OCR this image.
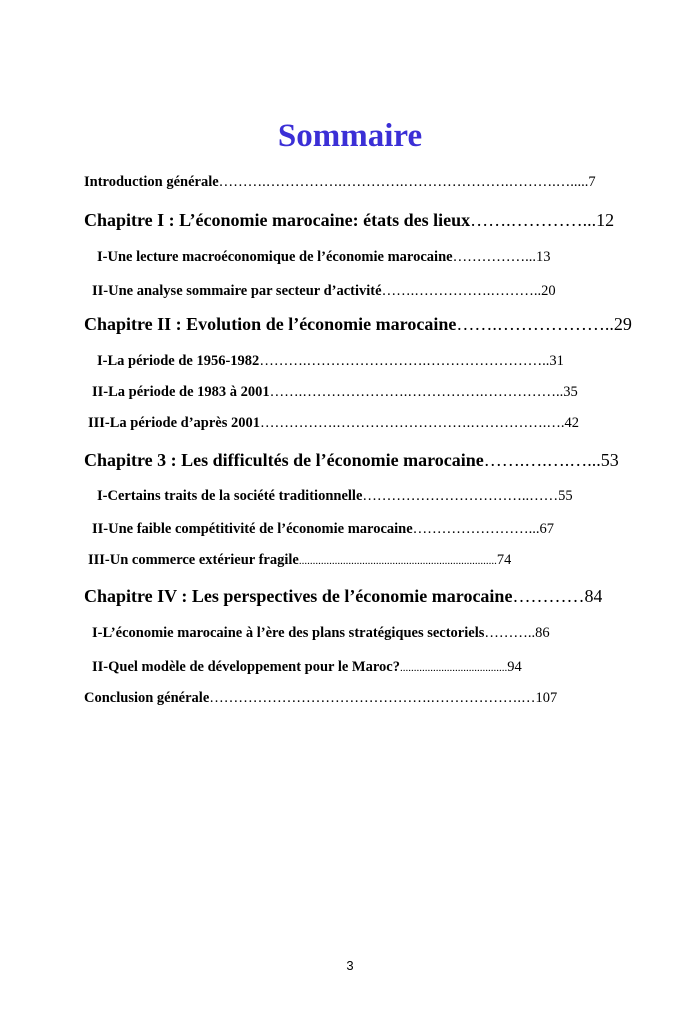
Sommaire
Introduction générale……….…………….………….………………….……….….....7
Chapitre I : L’économie marocaine: états des lieux…….…………...12
I-Une lecture macroéconomique de l’économie marocaine……………...13
II-Une analyse sommaire par secteur d’activité…….…………….………..20
Chapitre II : Evolution de l’économie marocaine…….………………..29
I-La période de 1956-1982……….…………………….……………………..31
II-La période de 1983 à 2001…….………………….…………….……………..35
III-La période d’après 2001…………….……………………….…………….….42
Chapitre 3 : Les difficultés de l’économie marocaine…….….….…...53
I-Certains traits de la société traditionnelle……………………………..……55
II-Une faible compétitivité de l’économie marocaine……………………...67
III-Un commerce extérieur fragile........................................................................74
Chapitre IV : Les perspectives de l’économie marocaine…………84
I-L’économie marocaine à l’ère des plans stratégiques sectoriels………..86
II-Quel modèle de développement pour le Maroc?.......................................94
Conclusion générale……………………………………….……………….…107
3
